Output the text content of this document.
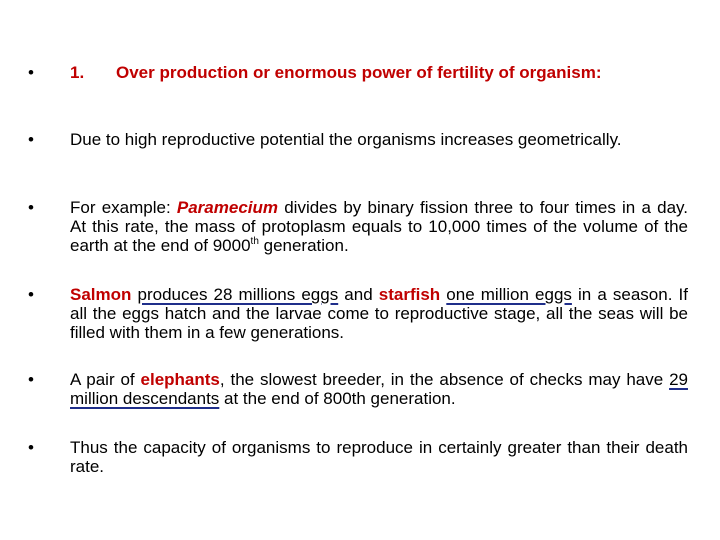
•	1. Over production or enormous power of fertility of organism:
•	Due to high reproductive potential the organisms increases geometrically.
•	For example: Paramecium divides by binary fission three to four times in a day. At this rate, the mass of protoplasm equals to 10,000 times of the volume of the earth at the end of 9000th generation.
•	Salmon produces 28 millions eggs and starfish one million eggs in a season. If all the eggs hatch and the larvae come to reproductive stage, all the seas will be filled with them in a few generations.
•	A pair of elephants, the slowest breeder, in the absence of checks may have 29 million descendants at the end of 800th generation.
•	Thus the capacity of organisms to reproduce in certainly greater than their death rate.
